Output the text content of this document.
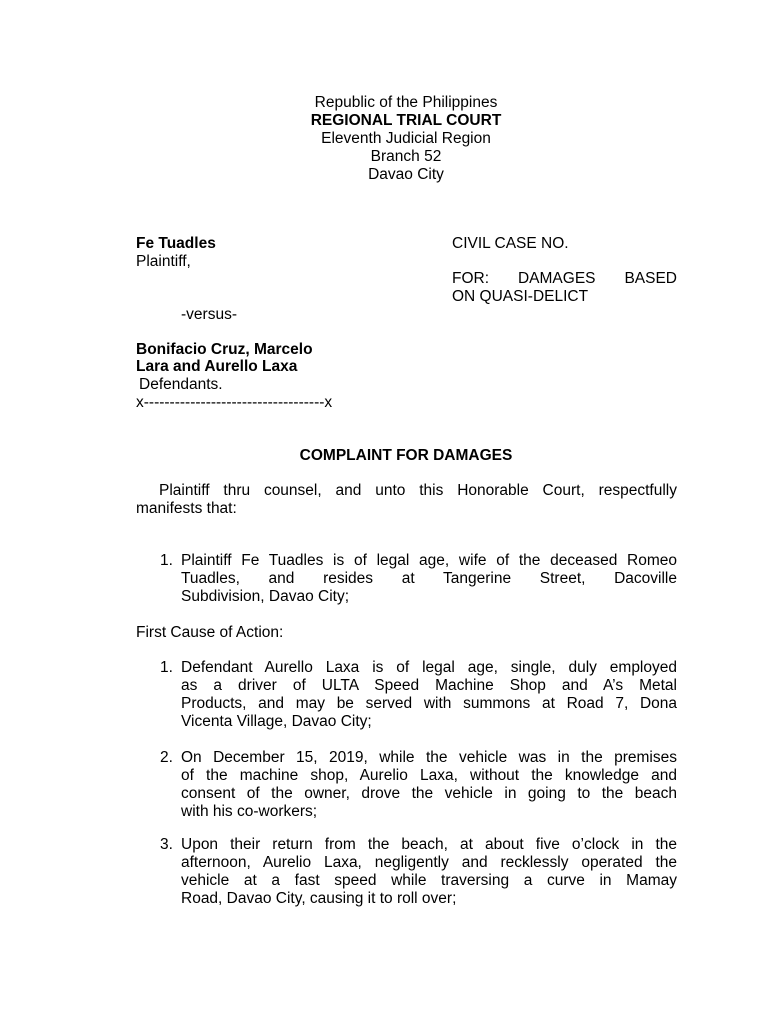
Republic of the Philippines
REGIONAL TRIAL COURT
Eleventh Judicial Region
Branch 52
Davao City
Fe Tuadles
Plaintiff,
-versus-
Bonifacio Cruz, Marcelo
Lara and Aurello Laxa
Defendants.
x-----------------------------------x
CIVIL CASE NO.
FOR: DAMAGES BASED
ON QUASI-DELICT
COMPLAINT FOR DAMAGES
Plaintiff thru counsel, and unto this Honorable Court, respectfully
manifests that:
1. Plaintiff Fe Tuadles is of legal age, wife of the deceased Romeo
Tuadles, and resides at Tangerine Street, Dacoville
Subdivision, Davao City;
First Cause of Action:
1. Defendant Aurello Laxa is of legal age, single, duly employed
as a driver of ULTA Speed Machine Shop and A’s Metal
Products, and may be served with summons at Road 7, Dona
Vicenta Village, Davao City;
2. On December 15, 2019, while the vehicle was in the premises
of the machine shop, Aurelio Laxa, without the knowledge and
consent of the owner, drove the vehicle in going to the beach
with his co-workers;
3. Upon their return from the beach, at about five o’clock in the
afternoon, Aurelio Laxa, negligently and recklessly operated the
vehicle at a fast speed while traversing a curve in Mamay
Road, Davao City, causing it to roll over;
